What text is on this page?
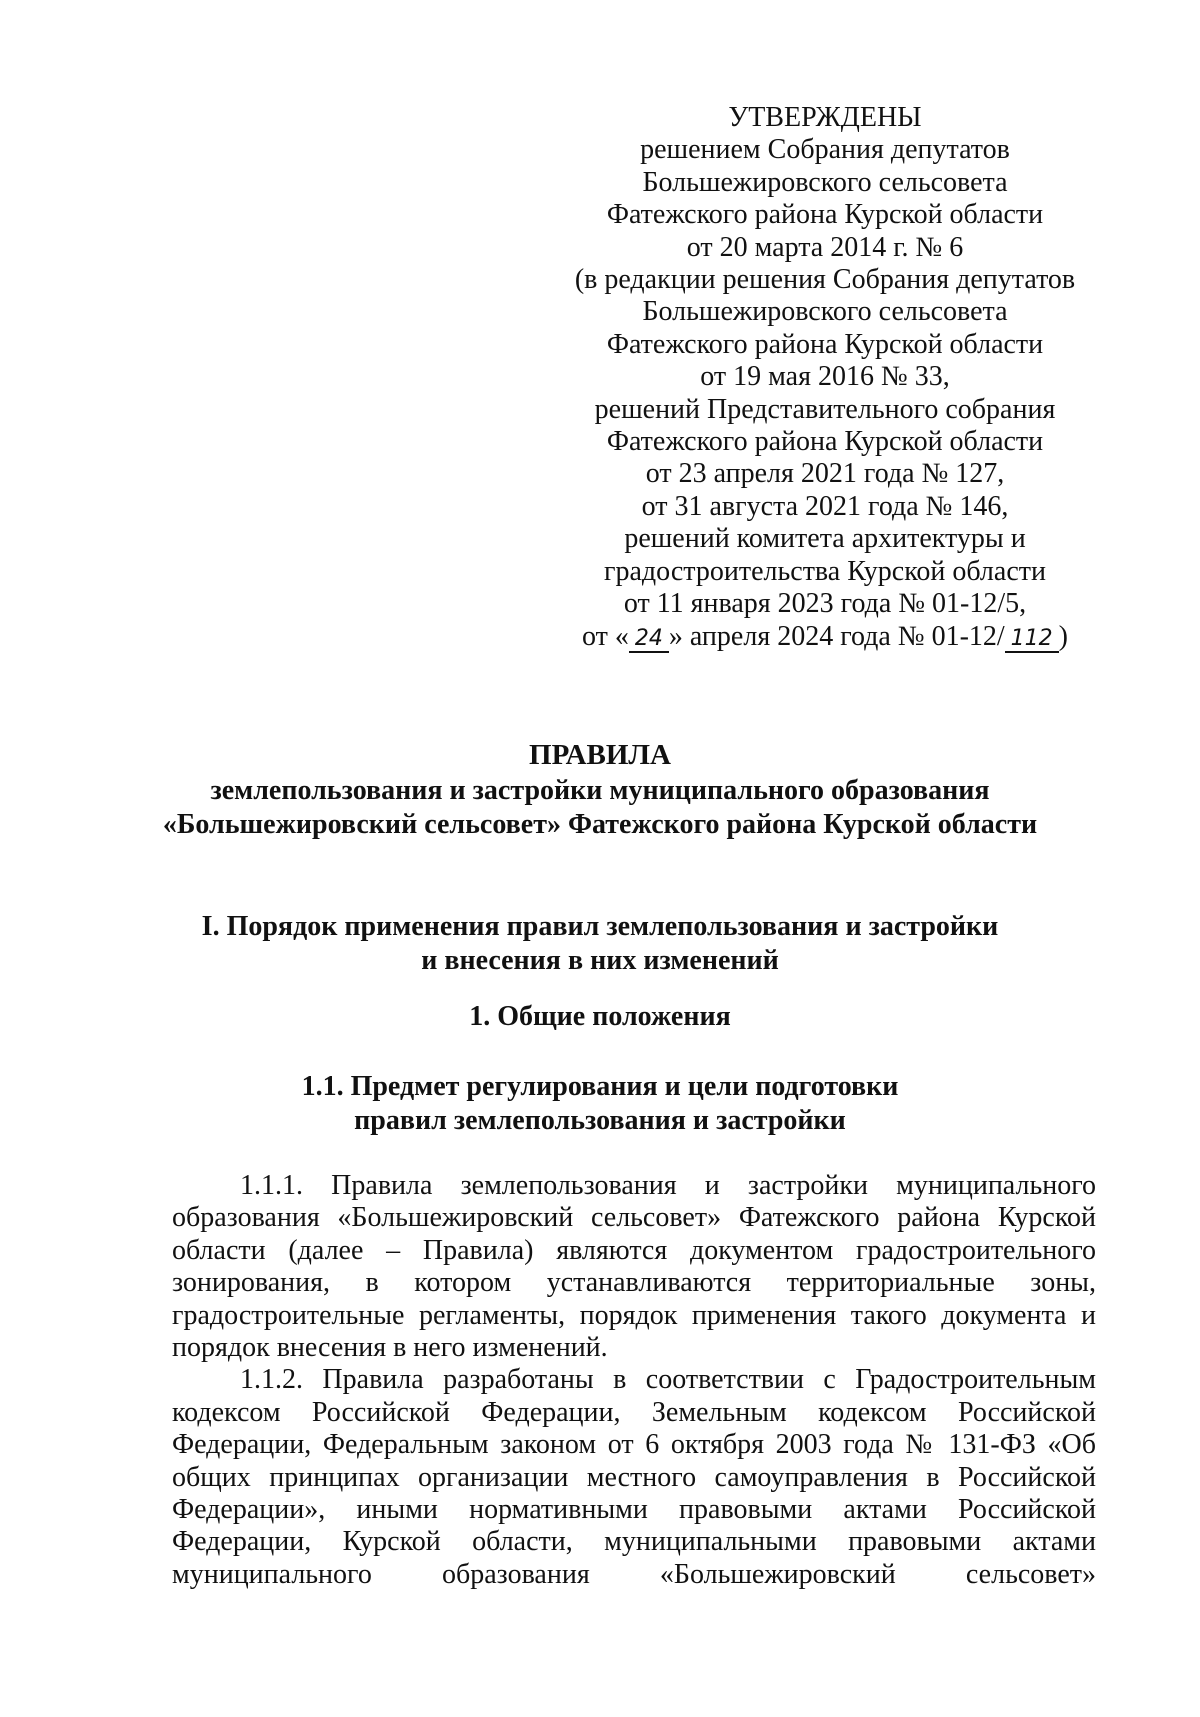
УТВЕРЖДЕНЫ
решением Собрания депутатов
Большежировского сельсовета
Фатежского района Курской области
от 20 марта 2014 г. № 6
(в редакции решения Собрания депутатов
Большежировского сельсовета
Фатежского района Курской области
от 19 мая 2016 № 33,
решений Представительного собрания
Фатежского района Курской области
от 23 апреля 2021 года № 127,
от 31 августа 2021 года № 146,
решений комитета архитектуры и
градостроительства Курской области
от 11 января 2023 года № 01-12/5,
от « 24 » апреля 2024 года № 01-12/ 112 )
ПРАВИЛА
землепользования и застройки муниципального образования
«Большежировский сельсовет» Фатежского района Курской области
I. Порядок применения правил землепользования и застройки
и внесения в них изменений
1. Общие положения
1.1. Предмет регулирования и цели подготовки
правил землепользования и застройки

1.1.1. Правила землепользования и застройки муниципального образования «Большежировский сельсовет» Фатежского района Курской области (далее – Правила) являются документом градостроительного зонирования, в котором устанавливаются территориальные зоны, градостроительные регламенты, порядок применения такого документа и порядок внесения в него изменений.

1.1.2. Правила разработаны в соответствии с Градостроительным кодексом Российской Федерации, Земельным кодексом Российской Федерации, Федеральным законом от 6 октября 2003 года № 131-ФЗ «Об общих принципах организации местного самоуправления в Российской Федерации», иными нормативными правовыми актами Российской Федерации, Курской области, муниципальными правовыми актами муниципального образования «Большежировский сельсовет»
